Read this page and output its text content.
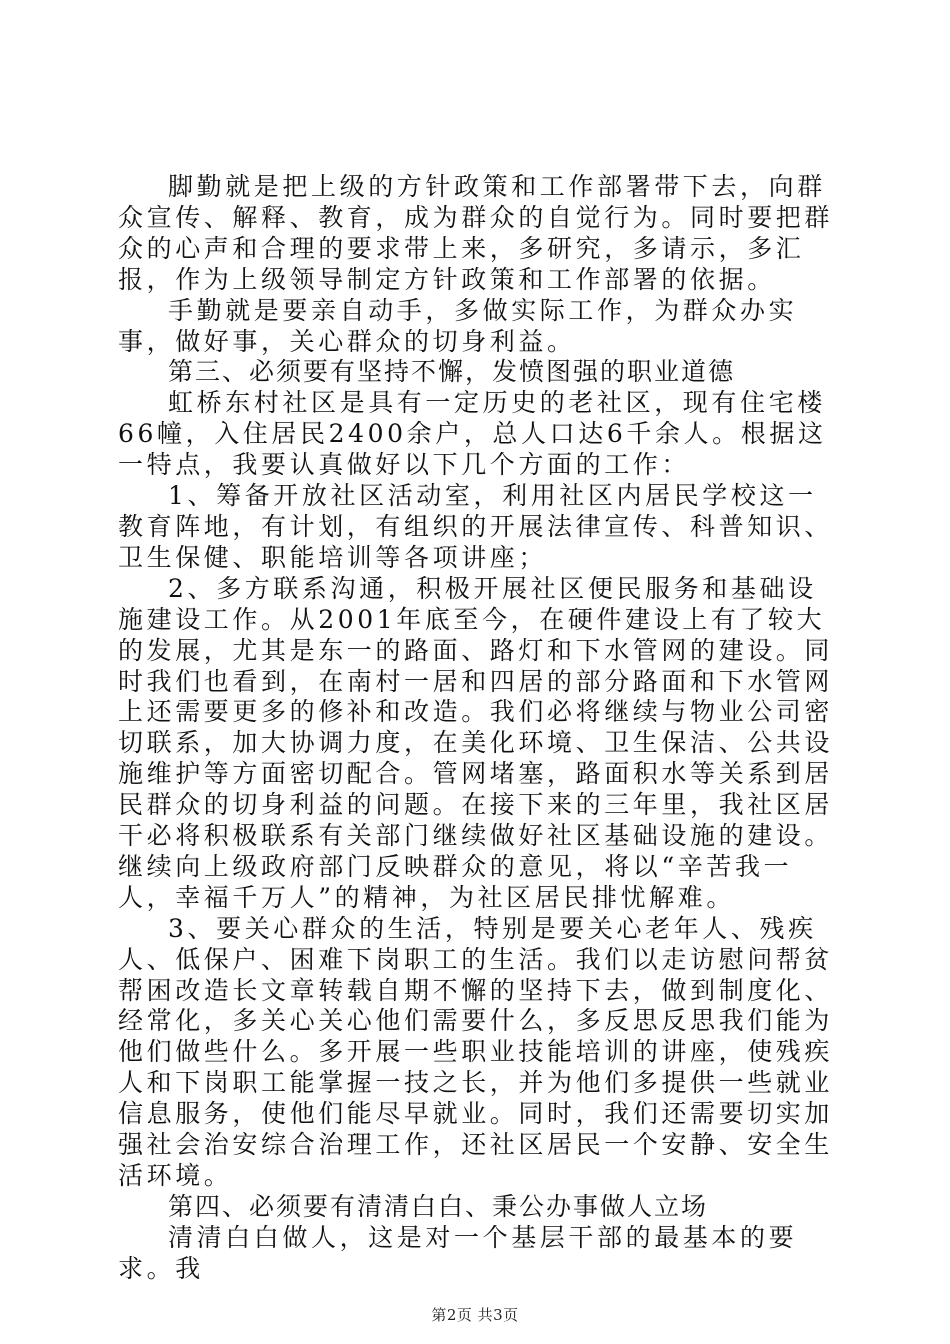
脚勤就是把上级的方针政策和工作部署带下去，向群众宣传、解释、教育，成为群众的自觉行为。同时要把群众的心声和合理的要求带上来，多研究，多请示，多汇报，作为上级领导制定方针政策和工作部署的依据。

手勤就是要亲自动手，多做实际工作，为群众办实事，做好事，关心群众的切身利益。

第三、必须要有坚持不懈，发愤图强的职业道德

虹桥东村社区是具有一定历史的老社区，现有住宅楼66幢，入住居民2400余户，总人口达6千余人。根据这一特点，我要认真做好以下几个方面的工作：

1、筹备开放社区活动室，利用社区内居民学校这一教育阵地，有计划，有组织的开展法律宣传、科普知识、卫生保健、职能培训等各项讲座；

2、多方联系沟通，积极开展社区便民服务和基础设施建设工作。从2001年底至今，在硬件建设上有了较大的发展，尤其是东一的路面、路灯和下水管网的建设。同时我们也看到，在南村一居和四居的部分路面和下水管网上还需要更多的修补和改造。我们必将继续与物业公司密切联系，加大协调力度，在美化环境、卫生保洁、公共设施维护等方面密切配合。管网堵塞，路面积水等关系到居民群众的切身利益的问题。在接下来的三年里，我社区居干必将积极联系有关部门继续做好社区基础设施的建设。继续向上级政府部门反映群众的意见，将以“辛苦我一人，幸福千万人”的精神，为社区居民排忧解难。

3、要关心群众的生活，特别是要关心老年人、残疾人、低保户、困难下岗职工的生活。我们以走访慰问帮贫帮困改造长文章转载自期不懈的坚持下去，做到制度化、经常化，多关心关心他们需要什么，多反思反思我们能为他们做些什么。多开展一些职业技能培训的讲座，使残疾人和下岗职工能掌握一技之长，并为他们多提供一些就业信息服务，使他们能尽早就业。同时，我们还需要切实加强社会治安综合治理工作，还社区居民一个安静、安全生活环境。

第四、必须要有清清白白、秉公办事做人立场

清清白白做人，这是对一个基层干部的最基本的要求。我

第2页 共3页
